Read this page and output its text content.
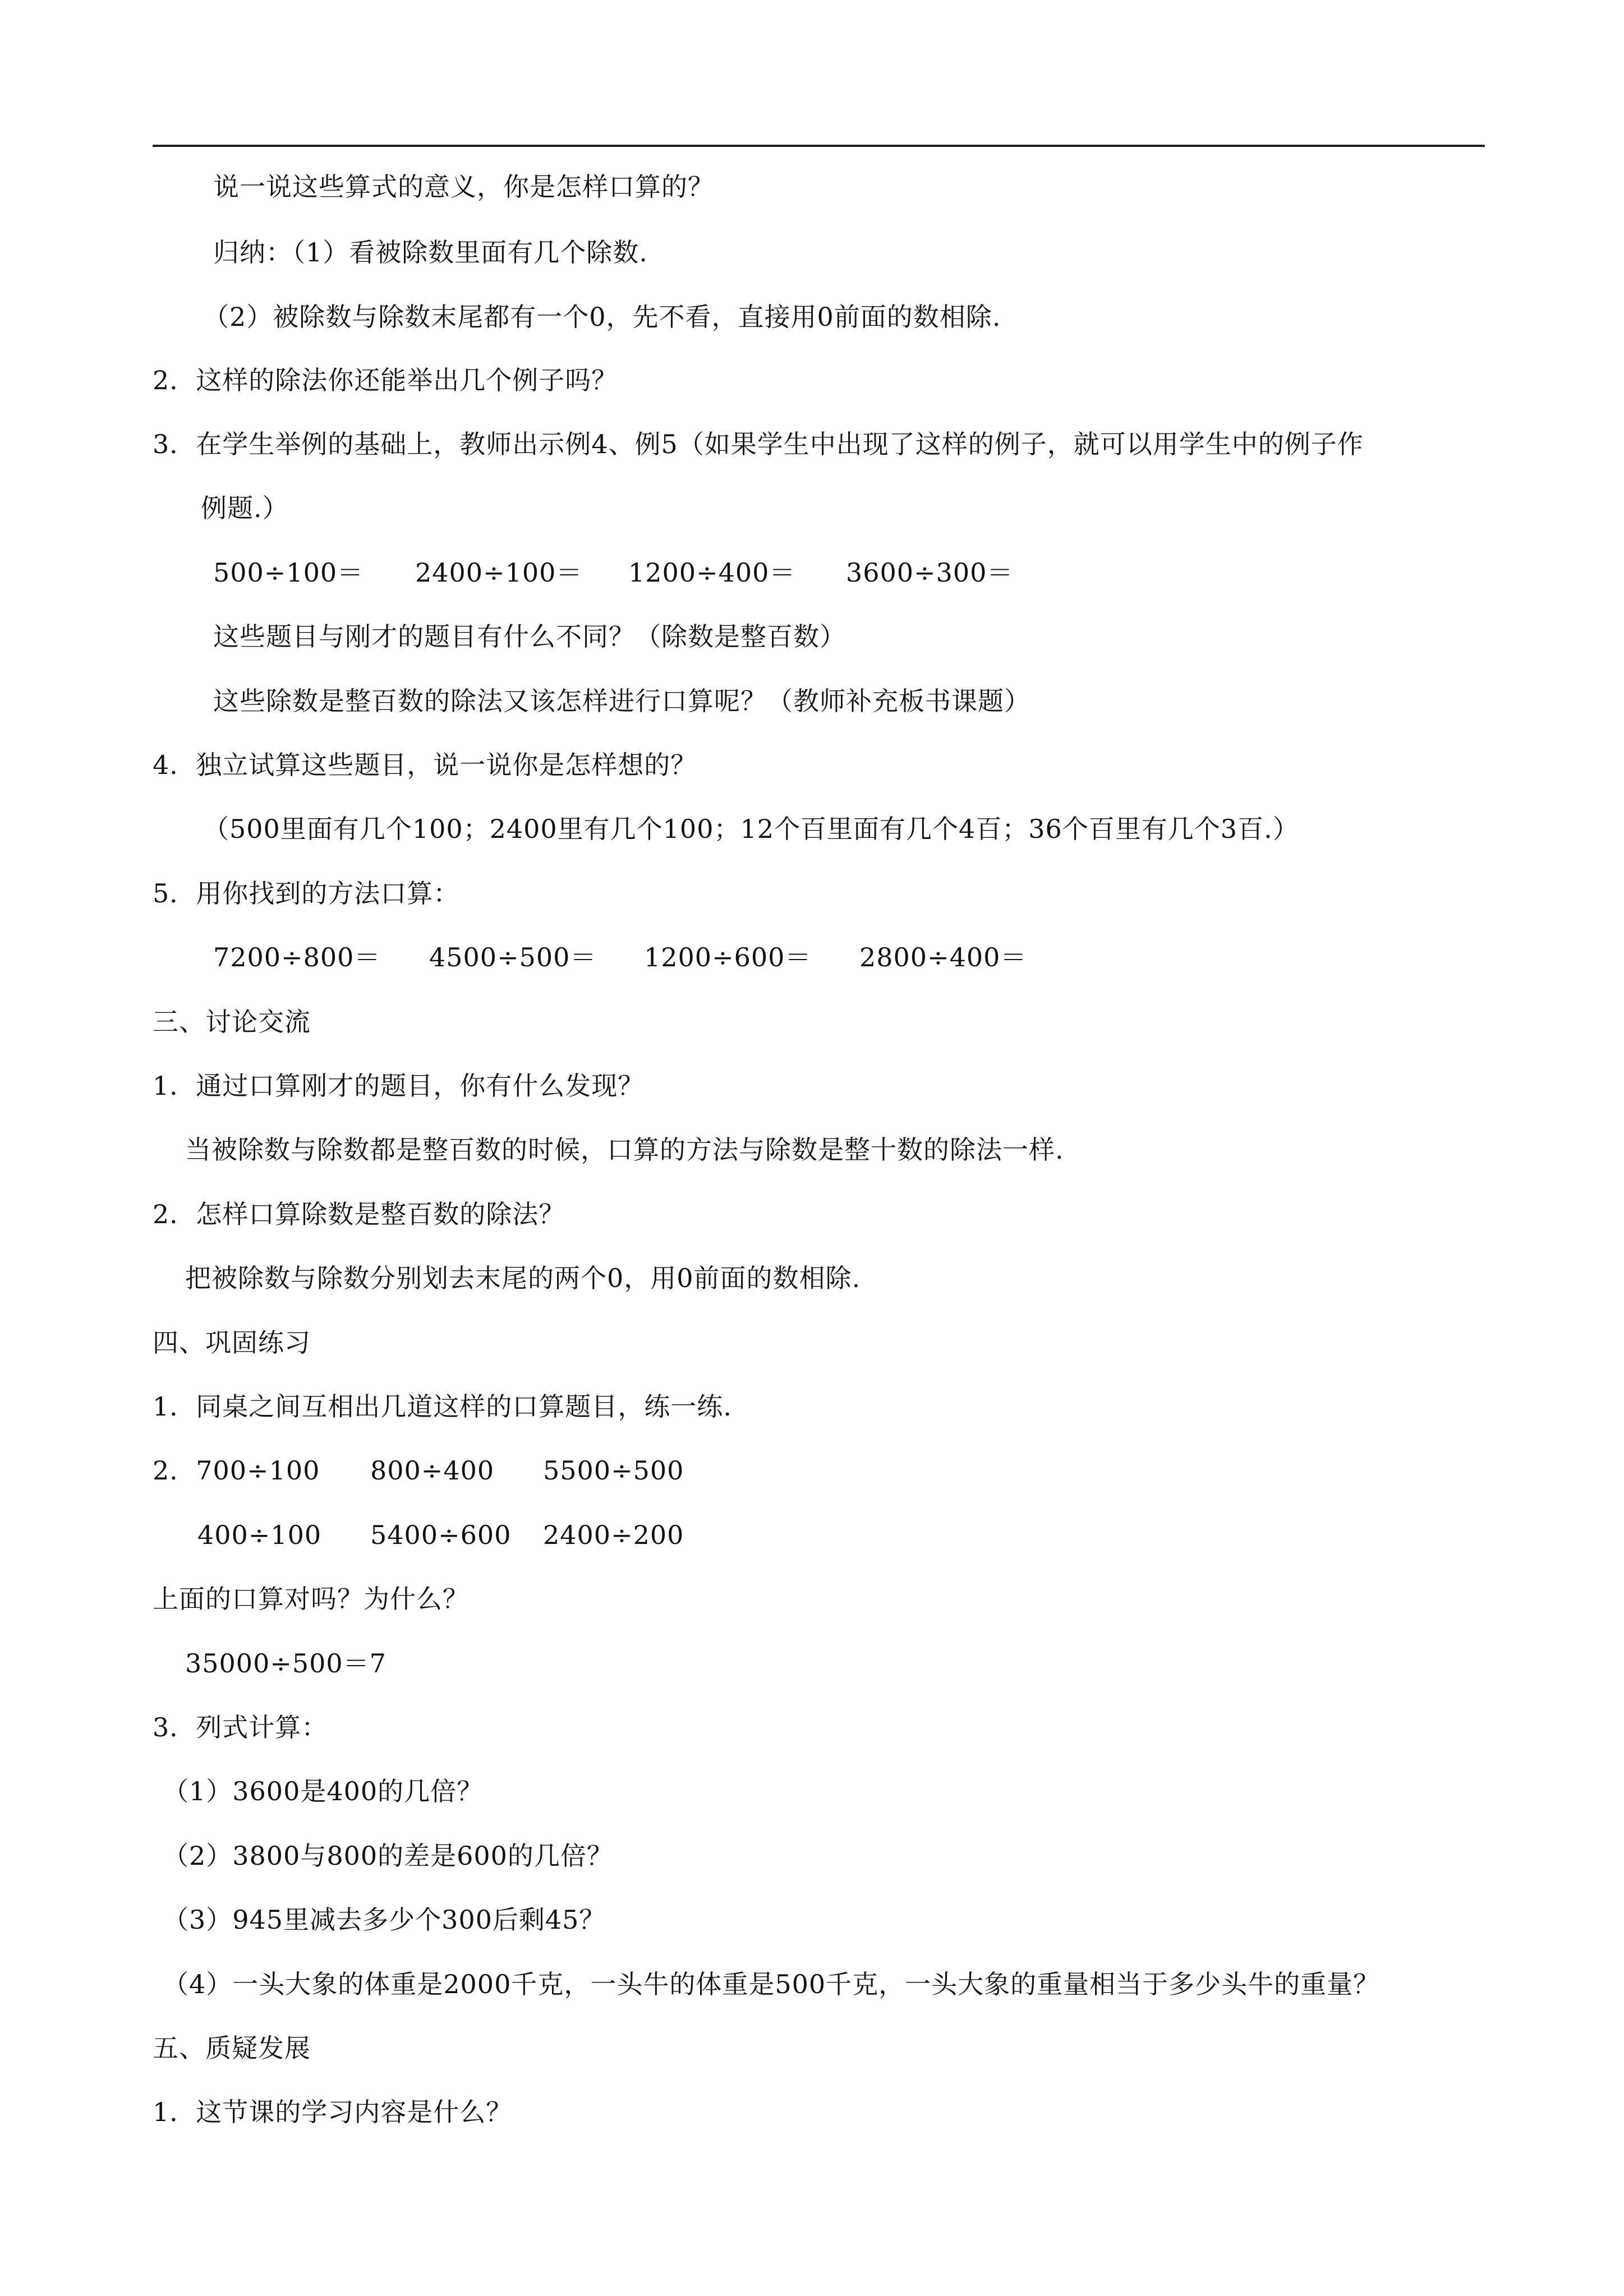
说一说这些算式的意义，你是怎样口算的？
归纳：（1）看被除数里面有几个除数.
（2）被除数与除数末尾都有一个0，先不看，直接用0前面的数相除.
2．这样的除法你还能举出几个例子吗？
3．在学生举例的基础上，教师出示例4、例5（如果学生中出现了这样的例子，就可以用学生中的例子作
例题.）
500÷100＝ 2400÷100＝ 1200÷400＝ 3600÷300＝
这些题目与刚才的题目有什么不同？（除数是整百数）
这些除数是整百数的除法又该怎样进行口算呢？（教师补充板书课题）
4．独立试算这些题目，说一说你是怎样想的？
（500里面有几个100；2400里有几个100；12个百里面有几个4百；36个百里有几个3百.）
5．用你找到的方法口算：
7200÷800＝ 4500÷500＝ 1200÷600＝ 2800÷400＝
三、讨论交流
1．通过口算刚才的题目，你有什么发现？
当被除数与除数都是整百数的时候，口算的方法与除数是整十数的除法一样.
2．怎样口算除数是整百数的除法？
把被除数与除数分别划去末尾的两个0，用0前面的数相除.
四、巩固练习
1．同桌之间互相出几道这样的口算题目，练一练.
2．700÷100 800÷400 5500÷500
400÷100 5400÷600 2400÷200
上面的口算对吗？为什么？
35000÷500＝7
3．列式计算：
（1）3600是400的几倍？
（2）3800与800的差是600的几倍？
（3）945里减去多少个300后剩45？
（4）一头大象的体重是2000千克，一头牛的体重是500千克，一头大象的重量相当于多少头牛的重量？
五、质疑发展
1．这节课的学习内容是什么？
